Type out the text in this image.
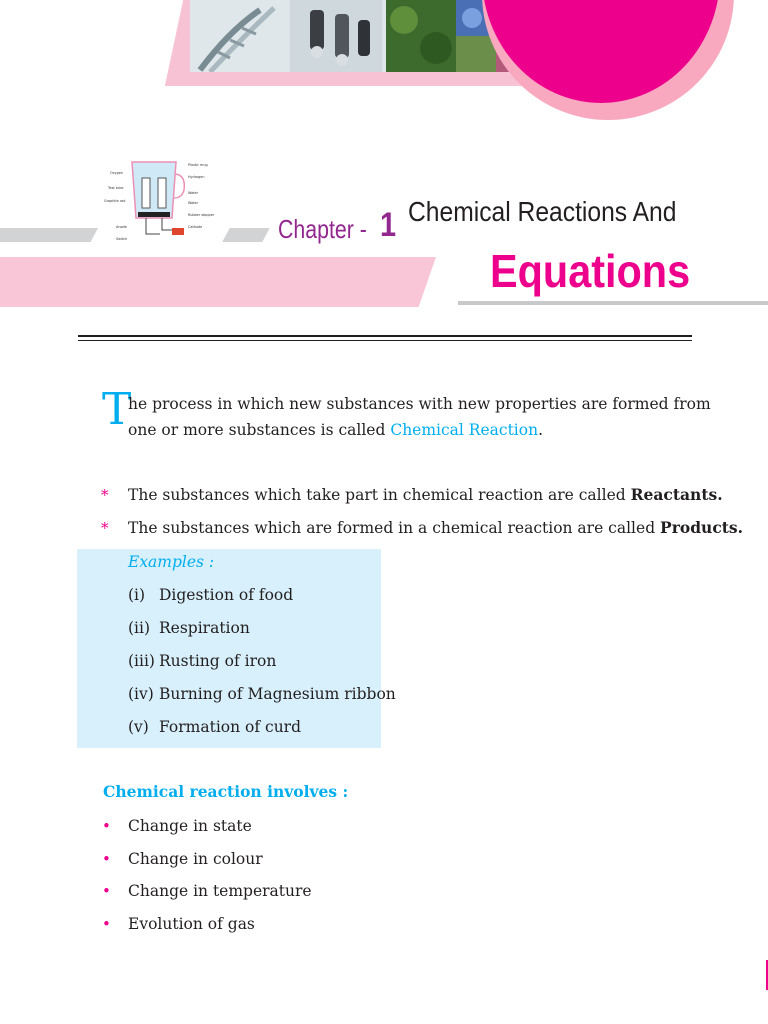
Plastic mug
Oxygen
Hydrogen
Test tube
Water
Graphite rod	Water
Rubber stopper
Anode	Cathode
Switch	Chapter - 1 Chemical Reactions And
Equations
T
he process in which new substances with new properties are formed from
one or more substances is called Chemical Reaction.
* The substances which take part in chemical reaction are called Reactants.
* The substances which are formed in a chemical reaction are called Products.
Examples :
(i) Digestion of food
(ii) Respiration
(iii) Rusting of iron
(iv) Burning of Magnesium ribbon
(v) Formation of curd
Chemical reaction involves :
• Change in state
• Change in colour
• Change in temperature
• Evolution of gas
